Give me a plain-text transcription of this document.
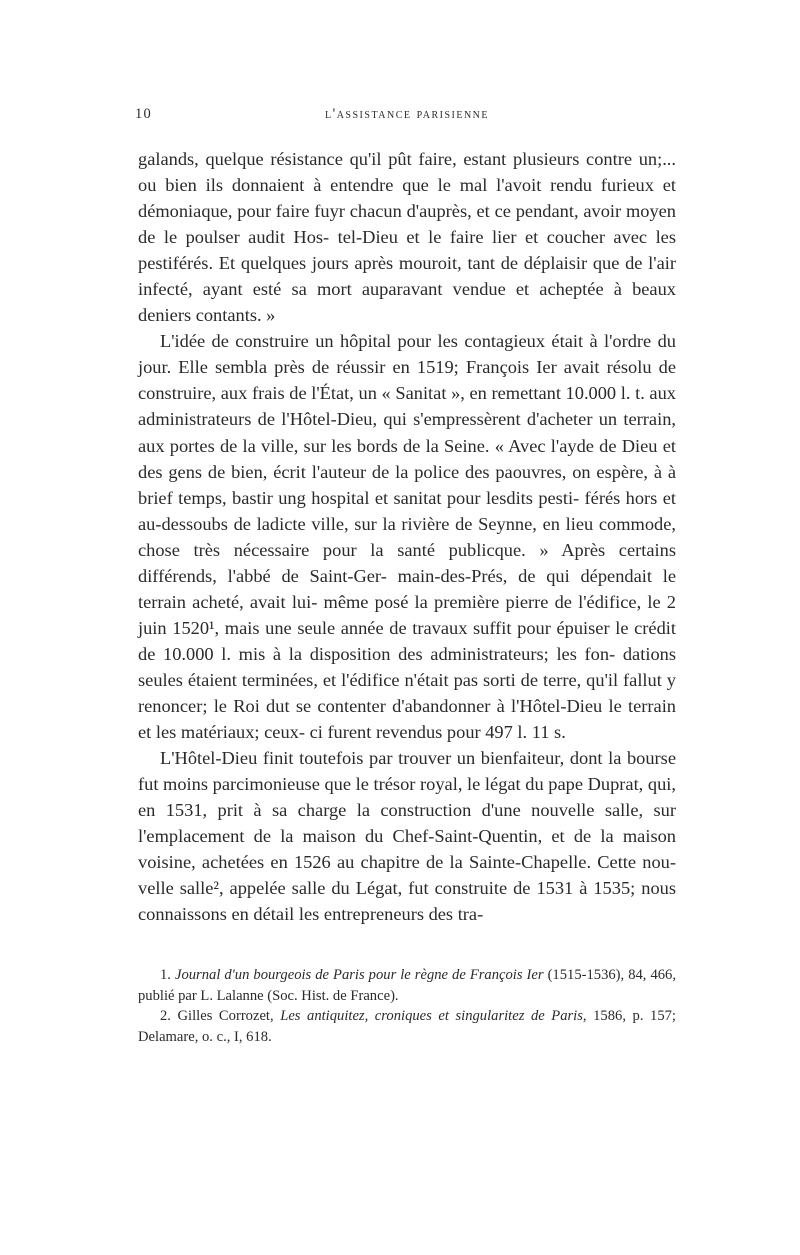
10	l'assistance parisienne

galands, quelque résistance qu'il pût faire, estant plusieurs contre un;... ou bien ils donnaient à entendre que le mal l'avoit rendu furieux et démoniaque, pour faire fuyr chacun d'auprès, et ce pendant, avoir moyen de le poulser audit Hos- tel-Dieu et le faire lier et coucher avec les pestiférés. Et quelques jours après mouroit, tant de déplaisir que de l'air infecté, ayant esté sa mort auparavant vendue et acheptée à beaux deniers contants. »

L'idée de construire un hôpital pour les contagieux était à l'ordre du jour. Elle sembla près de réussir en 1519; François Ier avait résolu de construire, aux frais de l'État, un « Sanitat », en remettant 10.000 l. t. aux administrateurs de l'Hôtel-Dieu, qui s'empressèrent d'acheter un terrain, aux portes de la ville, sur les bords de la Seine. « Avec l'ayde de Dieu et des gens de bien, écrit l'auteur de la police des paouvres, on espère, à à brief temps, bastir ung hospital et sanitat pour lesdits pesti- férés hors et au-dessoubs de ladicte ville, sur la rivière de Seynne, en lieu commode, chose très nécessaire pour la santé publicque. » Après certains différends, l'abbé de Saint-Ger- main-des-Prés, de qui dépendait le terrain acheté, avait lui- même posé la première pierre de l'édifice, le 2 juin 1520¹, mais une seule année de travaux suffit pour épuiser le crédit de 10.000 l. mis à la disposition des administrateurs; les fon- dations seules étaient terminées, et l'édifice n'était pas sorti de terre, qu'il fallut y renoncer; le Roi dut se contenter d'abandonner à l'Hôtel-Dieu le terrain et les matériaux; ceux- ci furent revendus pour 497 l. 11 s.

L'Hôtel-Dieu finit toutefois par trouver un bienfaiteur, dont la bourse fut moins parcimonieuse que le trésor royal, le légat du pape Duprat, qui, en 1531, prit à sa charge la construction d'une nouvelle salle, sur l'emplacement de la maison du Chef-Saint-Quentin, et de la maison voisine, achetées en 1526 au chapitre de la Sainte-Chapelle. Cette nou- velle salle², appelée salle du Légat, fut construite de 1531 à 1535; nous connaissons en détail les entrepreneurs des tra-

1. Journal d'un bourgeois de Paris pour le règne de François Ier (1515-1536), 84, 466, publié par L. Lalanne (Soc. Hist. de France).

2. Gilles Corrozet, Les antiquitez, croniques et singularitez de Paris, 1586, p. 157; Delamare, o. c., I, 618.
